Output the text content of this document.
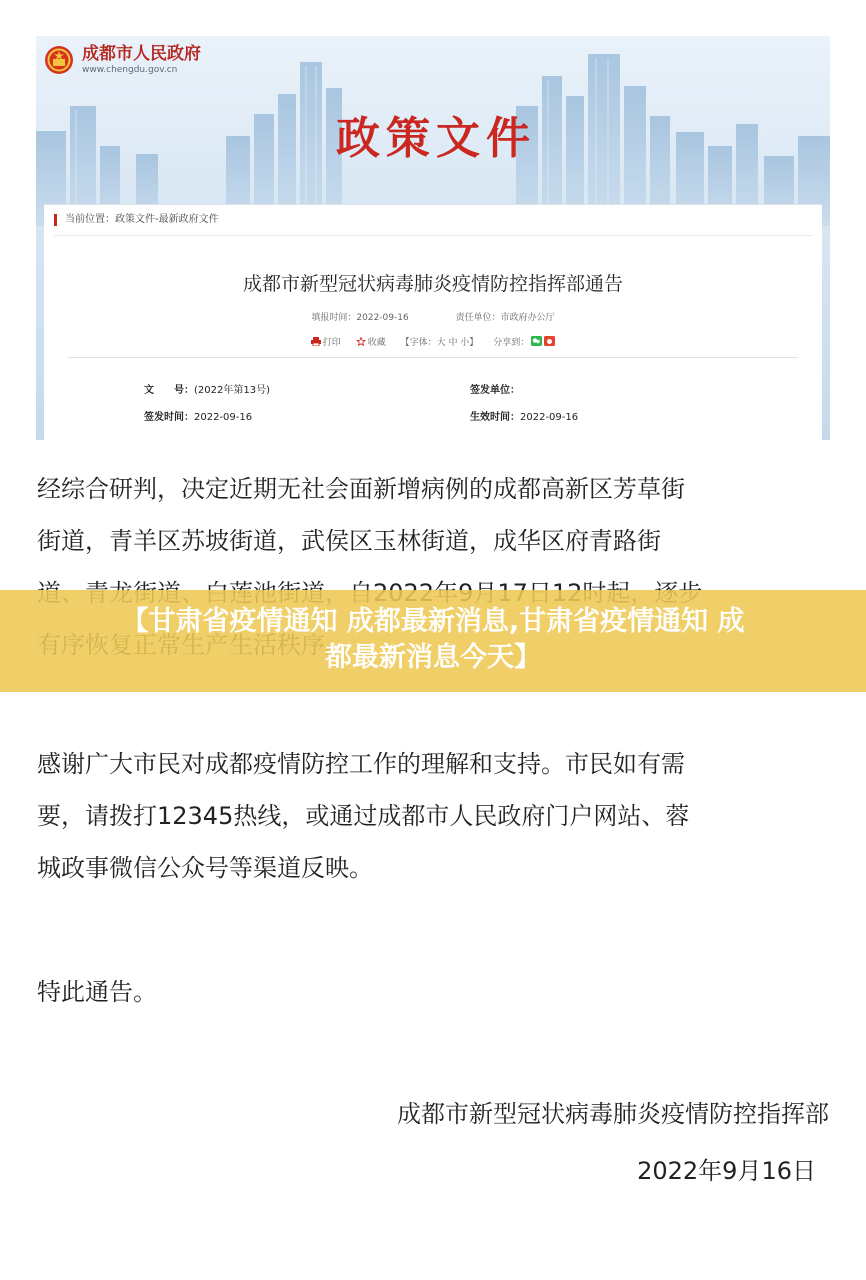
成都市人民政府
www.chengdu.gov.cn
政策文件
当前位置：政策文件-最新政府文件
成都市新型冠状病毒肺炎疫情防控指挥部通告
填报时间：2022-09-16	责任单位：市政府办公厅
打印	收藏 【字体：大 中 小】 分享到：
文　　号：(2022年第13号)	签发单位：
签发时间：2022-09-16	生效时间：2022-09-16
经综合研判，决定近期无社会面新增病例的成都高新区芳草街
街道，青羊区苏坡街道，武侯区玉林街道，成华区府青路街
感谢广大市民对成都疫情防控工作的理解和支持。市民如有需
要，请拨打12345热线，或通过成都市人民政府门户网站、蓉
城政事微信公众号等渠道反映。
特此通告。
成都市新型冠状病毒肺炎疫情防控指挥部
2022年9月16日
【甘肃省疫情通知 成都最新消息,甘肃省疫情通知 成
都最新消息今天】
